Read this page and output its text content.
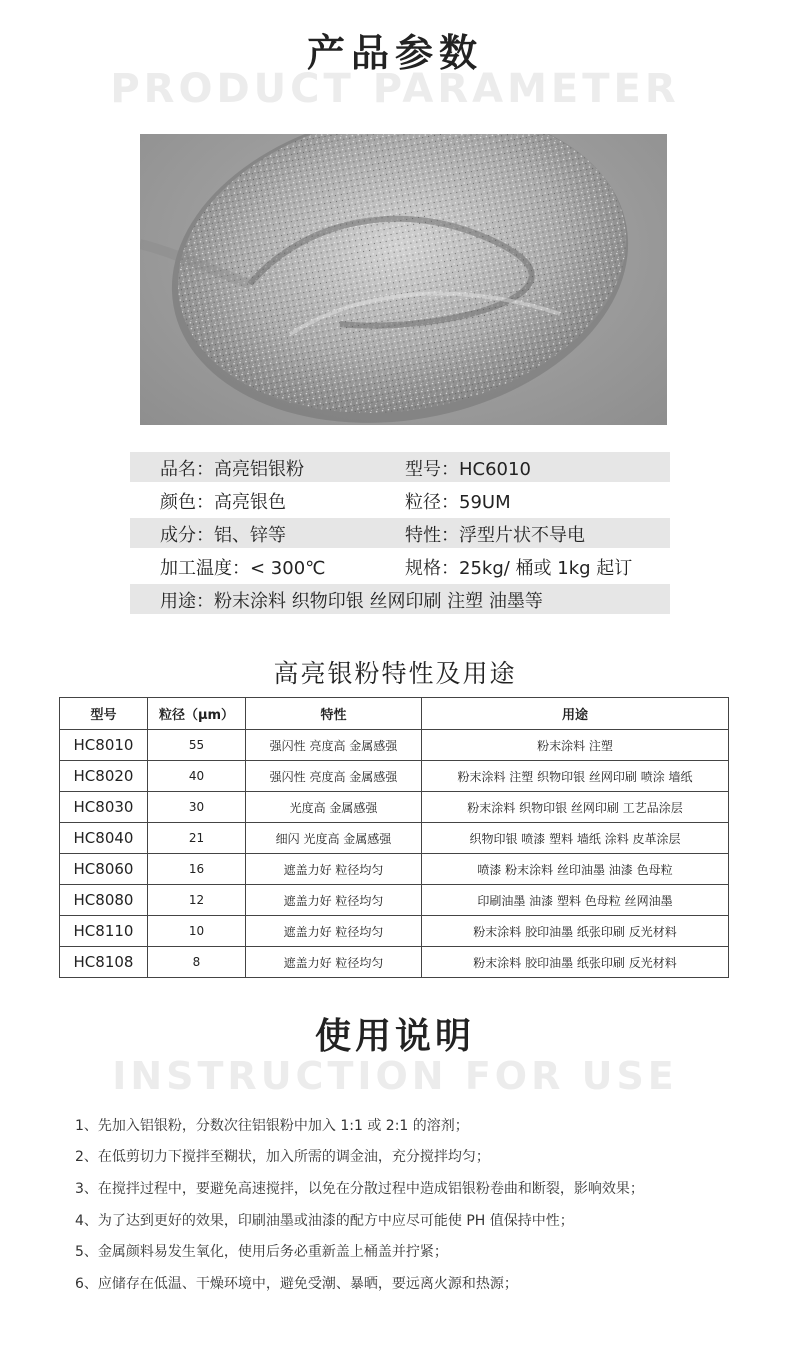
产品参数
PRODUCT PARAMETER
品名：高亮铝银粉	型号：HC6010
颜色：高亮银色	粒径：59UM
成分：铝、锌等	特性：浮型片状不导电
加工温度：< 300℃	规格：25kg/ 桶或 1kg 起订
用途：粉末涂料 织物印银 丝网印刷 注塑 油墨等
高亮银粉特性及用途
型号	粒径（μm）	特性	用途
HC8010	55	强闪性 亮度高 金属感强	粉末涂料 注塑
HC8020	40	强闪性 亮度高 金属感强	粉末涂料 注塑 织物印银 丝网印刷 喷涂 墙纸
HC8030	30	光度高 金属感强	粉末涂料 织物印银 丝网印刷 工艺品涂层
HC8040	21	细闪 光度高 金属感强	织物印银 喷漆 塑料 墙纸 涂料 皮革涂层
HC8060	16	遮盖力好 粒径均匀	喷漆 粉末涂料 丝印油墨 油漆 色母粒
HC8080	12	遮盖力好 粒径均匀	印刷油墨 油漆 塑料 色母粒 丝网油墨
HC8110	10	遮盖力好 粒径均匀	粉末涂料 胶印油墨 纸张印刷 反光材料
HC8108	8	遮盖力好 粒径均匀	粉末涂料 胶印油墨 纸张印刷 反光材料
使用说明
INSTRUCTION FOR USE
1、先加入铝银粉，分数次往铝银粉中加入 1:1 或 2:1 的溶剂；
2、在低剪切力下搅拌至糊状，加入所需的调金油，充分搅拌均匀；
3、在搅拌过程中，要避免高速搅拌，以免在分散过程中造成铝银粉卷曲和断裂，影响效果；
4、为了达到更好的效果，印刷油墨或油漆的配方中应尽可能使 PH 值保持中性；
5、金属颜料易发生氧化，使用后务必重新盖上桶盖并拧紧；
6、应储存在低温、干燥环境中，避免受潮、暴晒，要远离火源和热源；
